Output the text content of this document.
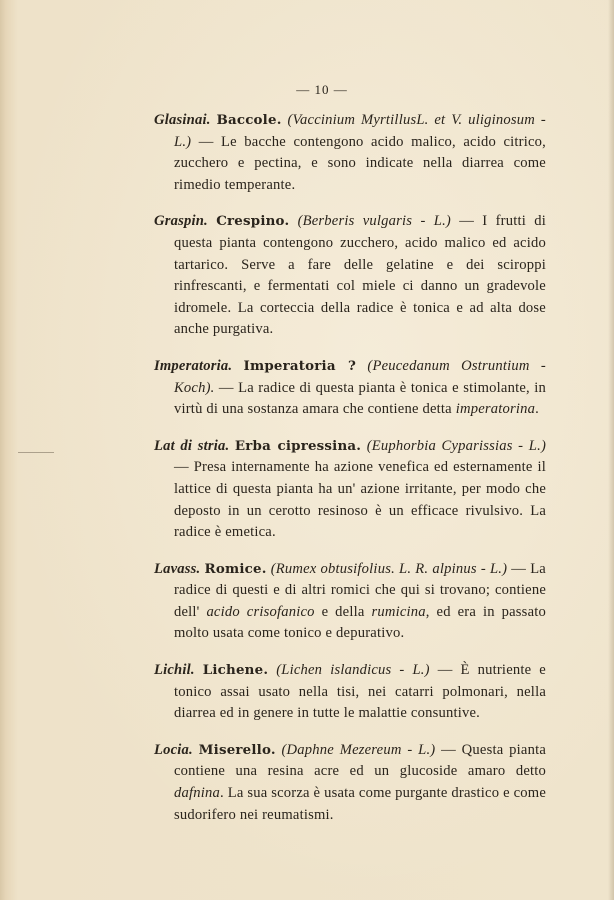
— 10 —

Glasinai. Baccole. (Vaccinium MyrtillusL. et V. uliginosum - L.) — Le bacche contengono acido malico, acido citrico, zucchero e pectina, e sono indicate nella diarrea come rimedio temperante.

Graspin. Crespino. (Berberis vulgaris - L.) — I frutti di questa pianta contengono zucchero, acido malico ed acido tartarico. Serve a fare delle gelatine e dei sciroppi rinfrescanti, e fermentati col miele ci danno un gradevole idromele. La corteccia della radice è tonica e ad alta dose anche purgativa.

Imperatoria. Imperatoria ? (Peucedanum Ostruntium - Koch). — La radice di questa pianta è tonica e stimolante, in virtù di una sostanza amara che contiene detta imperatorina.

Lat di stria. Erba cipressina. (Euphorbia Cyparissias - L.) — Presa internamente ha azione venefica ed esternamente il lattice di questa pianta ha un' azione irritante, per modo che deposto in un cerotto resinoso è un efficace rivulsivo. La radice è emetica.

Lavass. Romice. (Rumex obtusifolius. L. R. alpinus - L.) — La radice di questi e di altri romici che qui si trovano; contiene dell' acido crisofanico e della rumicina, ed era in passato molto usata come tonico e depurativo.

Lichil. Lichene. (Lichen islandicus - L.) — È nutriente e tonico assai usato nella tisi, nei catarri polmonari, nella diarrea ed in genere in tutte le malattie consuntive.

Locia. Miserello. (Daphne Mezereum - L.) — Questa pianta contiene una resina acre ed un glucoside amaro detto dafnina. La sua scorza è usata come purgante drastico e come sudorifero nei reumatismi.
